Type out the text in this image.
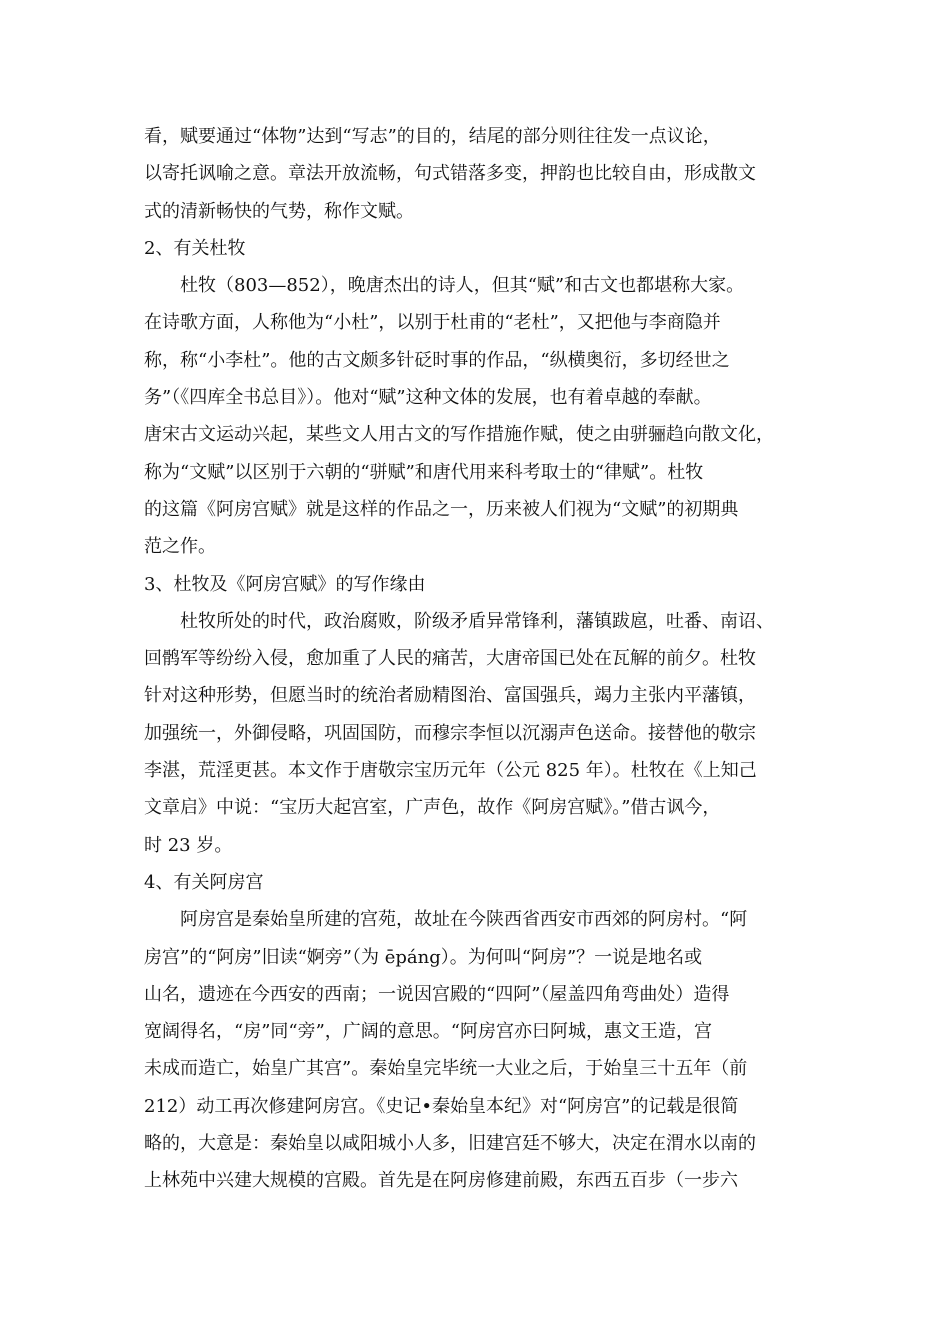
看，赋要通过“体物”达到“写志”的目的，结尾的部分则往往发一点议论，
以寄托讽喻之意。章法开放流畅，句式错落多变，押韵也比较自由，形成散文
式的清新畅快的气势，称作文赋。
2、有关杜牧
杜牧（803—852），晚唐杰出的诗人，但其“赋”和古文也都堪称大家。
在诗歌方面，人称他为“小杜”，以别于杜甫的“老杜”，又把他与李商隐并
称，称“小李杜”。他的古文颇多针砭时事的作品，“纵横奥衍，多切经世之
务”（《四库全书总目》）。他对“赋”这种文体的发展，也有着卓越的奉献。
唐宋古文运动兴起，某些文人用古文的写作措施作赋，使之由骈骊趋向散文化，
称为“文赋”以区别于六朝的“骈赋”和唐代用来科考取士的“律赋”。杜牧
的这篇《阿房宫赋》就是这样的作品之一，历来被人们视为“文赋”的初期典
范之作。
3、杜牧及《阿房宫赋》的写作缘由
杜牧所处的时代，政治腐败，阶级矛盾异常锋利，藩镇跋扈，吐番、南诏、
回鹘军等纷纷入侵，愈加重了人民的痛苦，大唐帝国已处在瓦解的前夕。杜牧
针对这种形势，但愿当时的统治者励精图治、富国强兵，竭力主张内平藩镇，
加强统一，外御侵略，巩固国防，而穆宗李恒以沉溺声色送命。接替他的敬宗
李湛，荒淫更甚。本文作于唐敬宗宝历元年（公元 825 年）。杜牧在《上知己
文章启》中说：“宝历大起宫室，广声色，故作《阿房宫赋》。”借古讽今，
时 23 岁。
4、有关阿房宫
阿房宫是秦始皇所建的宫苑，故址在今陕西省西安市西郊的阿房村。“阿
房宫”的“阿房”旧读“婀旁”（为 ēpáng）。为何叫“阿房”？一说是地名或
山名，遗迹在今西安的西南；一说因宫殿的“四阿”（屋盖四角弯曲处）造得
宽阔得名，“房”同“旁”，广阔的意思。“阿房宫亦曰阿城，惠文王造，宫
未成而造亡，始皇广其宫”。秦始皇完毕统一大业之后，于始皇三十五年（前
212）动工再次修建阿房宫。《史记•秦始皇本纪》对“阿房宫”的记载是很简
略的，大意是：秦始皇以咸阳城小人多，旧建宫廷不够大，决定在渭水以南的
上林苑中兴建大规模的宫殿。首先是在阿房修建前殿，东西五百步（一步六
